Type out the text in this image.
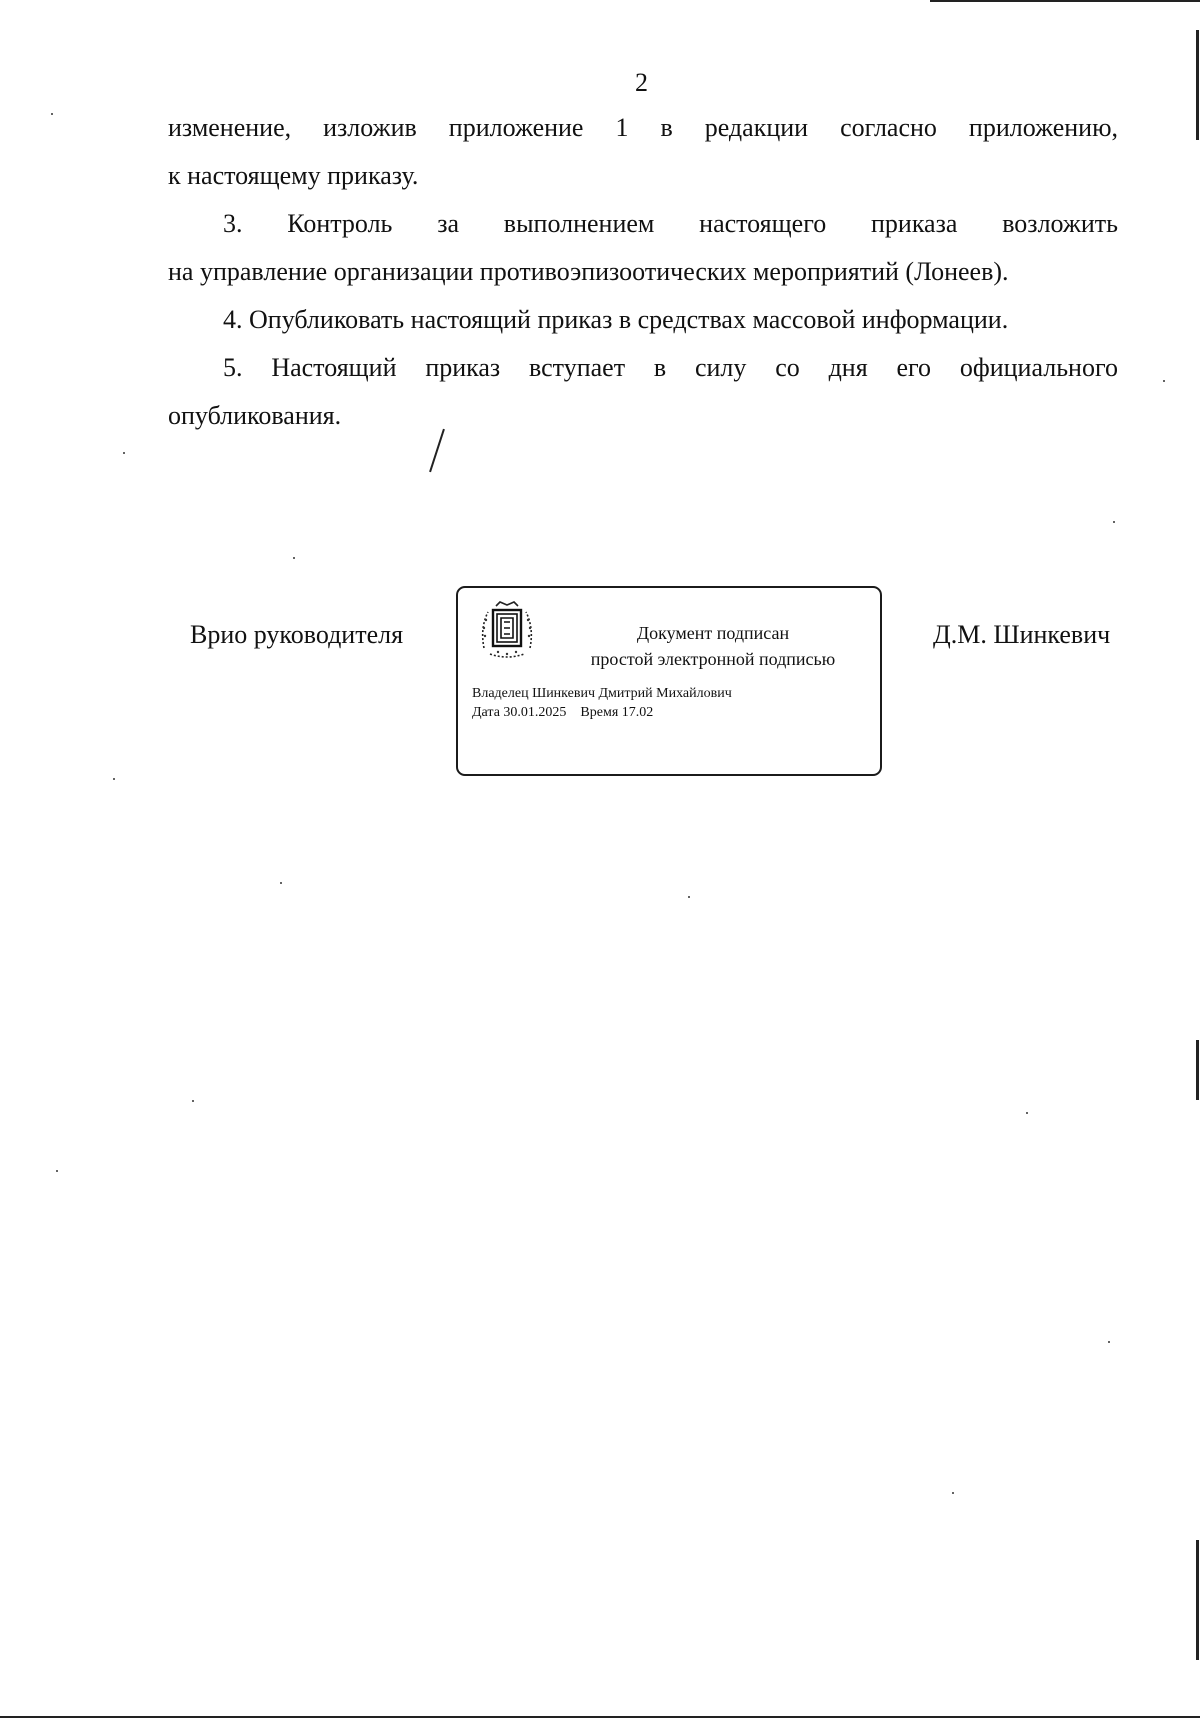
2

изменение, изложив приложение 1 в редакции согласно приложению,
к настоящему приказу.

3. Контроль за выполнением настоящего приказа возложить
на управление организации противоэпизоотических мероприятий (Лонеев).

4. Опубликовать настоящий приказ в средствах массовой информации.

5. Настоящий приказ вступает в силу со дня его официального
опубликования.

Врио руководителя	Документ подписан
простой электронной подписью
Владелец Шинкевич Дмитрий Михайлович
Дата 30.01.2025 Время 17.02
Д.М. Шинкевич
